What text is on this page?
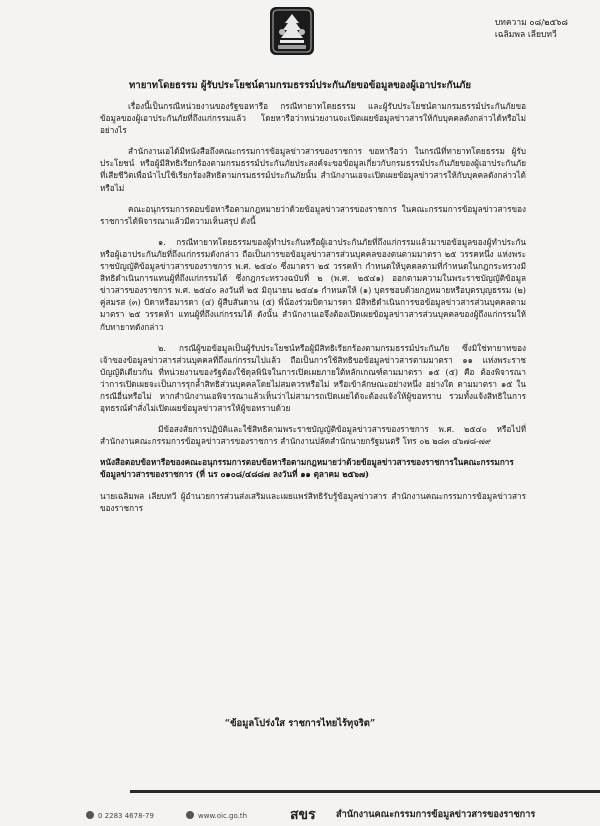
บทความ ๐๘/๒๕๖๘
เฉลิมพล เลียบทวี
ทายาทโดยธรรม ผู้รับประโยชน์ตามกรมธรรม์ประกันภัยขอข้อมูลของผู้เอาประกันภัย

เรื่องนี้เป็นกรณีหน่วยงานของรัฐขอหารือ กรณีทายาทโดยธรรม และผู้รับประโยชน์ตามกรมธรรม์ประกันภัยขอข้อมูลของผู้เอาประกันภัยที่ถึงแก่กรรมแล้ว โดยหารือว่าหน่วยงานจะเปิดเผยข้อมูลข่าวสารให้กับบุคคลดังกล่าวได้หรือไม่ อย่างไร

สำนักงานเอได้มีหนังสือถึงคณะกรรมการข้อมูลข่าวสารของราชการ ขอหารือว่า ในกรณีที่ทายาทโดยธรรม ผู้รับประโยชน์ หรือผู้มีสิทธิเรียกร้องตามกรมธรรม์ประกันภัยประสงค์จะขอข้อมูลเกี่ยวกับกรมธรรม์ประกันภัยของผู้เอาประกันภัยที่เสียชีวิตเพื่อนำไปใช้เรียกร้องสิทธิตามกรมธรรม์ประกันภัยนั้น สำนักงานเอจะเปิดเผยข้อมูลข่าวสารให้กับบุคคลดังกล่าวได้หรือไม่

คณะอนุกรรมการตอบข้อหารือตามกฎหมายว่าด้วยข้อมูลข่าวสารของราชการ ในคณะกรรมการข้อมูลข่าวสารของราชการได้พิจารณาแล้วมีความเห็นสรุป ดังนี้

๑. กรณีทายาทโดยธรรมของผู้ทำประกันหรือผู้เอาประกันภัยที่ถึงแก่กรรมแล้วมาขอข้อมูลของผู้ทำประกันหรือผู้เอาประกันภัยที่ถึงแก่กรรมดังกล่าว ถือเป็นการขอข้อมูลข่าวสารส่วนบุคคลของตนตามมาตรา ๒๕ วรรคหนึ่ง แห่งพระราชบัญญัติข้อมูลข่าวสารของราชการ พ.ศ. ๒๕๔๐ ซึ่งมาตรา ๒๕ วรรคห้า กำหนดให้บุคคลตามที่กำหนดในกฎกระทรวงมีสิทธิดำเนินการแทนผู้ที่ถึงแก่กรรมได้ ซึ่งกฎกระทรวงฉบับที่ ๒ (พ.ศ. ๒๕๔๑) ออกตามความในพระราชบัญญัติข้อมูลข่าวสารของราชการ พ.ศ. ๒๕๔๐ ลงวันที่ ๒๕ มิถุนายน ๒๕๔๑ กำหนดให้ (๑) บุตรชอบด้วยกฎหมายหรือบุตรบุญธรรม (๒) คู่สมรส (๓) บิดาหรือมารดา (๔) ผู้สืบสันดาน (๕) พี่น้องร่วมบิดามารดา มีสิทธิดำเนินการขอข้อมูลข่าวสารส่วนบุคคลตามมาตรา ๒๕ วรรคห้า แทนผู้ที่ถึงแก่กรรมได้ ดังนั้น สำนักงานเอจึงต้องเปิดเผยข้อมูลข่าวสารส่วนบุคคลของผู้ถึงแก่กรรมให้กับทายาทดังกล่าว

๒. กรณีผู้ขอข้อมูลเป็นผู้รับประโยชน์หรือผู้มีสิทธิเรียกร้องตามกรมธรรม์ประกันภัย ซึ่งมิใช่ทายาทของเจ้าของข้อมูลข่าวสารส่วนบุคคลที่ถึงแก่กรรมไปแล้ว ถือเป็นการใช้สิทธิขอข้อมูลข่าวสารตามมาตรา ๑๑ แห่งพระราชบัญญัติเดียวกัน ที่หน่วยงานของรัฐต้องใช้ดุลพินิจในการเปิดเผยภายใต้หลักเกณฑ์ตามมาตรา ๑๕ (๕) คือ ต้องพิจารณาว่าการเปิดเผยจะเป็นการรุกล้ำสิทธิส่วนบุคคลโดยไม่สมควรหรือไม่ หรือเข้าลักษณะอย่างหนึ่ง อย่างใด ตามมาตรา ๑๕ ในกรณีอื่นหรือไม่ หากสำนักงานเอพิจารณาแล้วเห็นว่าไม่สามารถเปิดเผยได้จะต้องแจ้งให้ผู้ขอทราบ รวมทั้งแจ้งสิทธิในการอุทธรณ์คำสั่งไม่เปิดเผยข้อมูลข่าวสารให้ผู้ขอทราบด้วย

มีข้อสงสัยการปฏิบัติและใช้สิทธิตามพระราชบัญญัติข้อมูลข่าวสารของราชการ พ.ศ. ๒๕๔๐ หรือไปที่สำนักงานคณะกรรมการข้อมูลข่าวสารของราชการ สำนักงานปลัดสำนักนายกรัฐมนตรี โทร ๐๒ ๒๘๓ ๔๖๗๘-๗๙

หนังสือตอบข้อหารือของคณะอนุกรรมการตอบข้อหารือตามกฎหมายว่าด้วยข้อมูลข่าวสารของราชการในคณะกรรมการข้อมูลข่าวสารของราชการ (ที่ นร ๐๑๐๘/๔๘๘๗ ลงวันที่ ๑๑ ตุลาคม ๒๕๖๗)

นายเฉลิมพล เลียบทวี ผู้อำนวยการส่วนส่งเสริมและเผยแพร่สิทธิรับรู้ข้อมูลข่าวสาร สำนักงานคณะกรรมการข้อมูลข่าวสารของราชการ

“ข้อมูลโปร่งใส ราชการไทยไร้ทุจริต”
0 2283 4678-79	www.oic.go.th	สขร สำนักงานคณะกรรมการข้อมูลข่าวสารของราชการ
